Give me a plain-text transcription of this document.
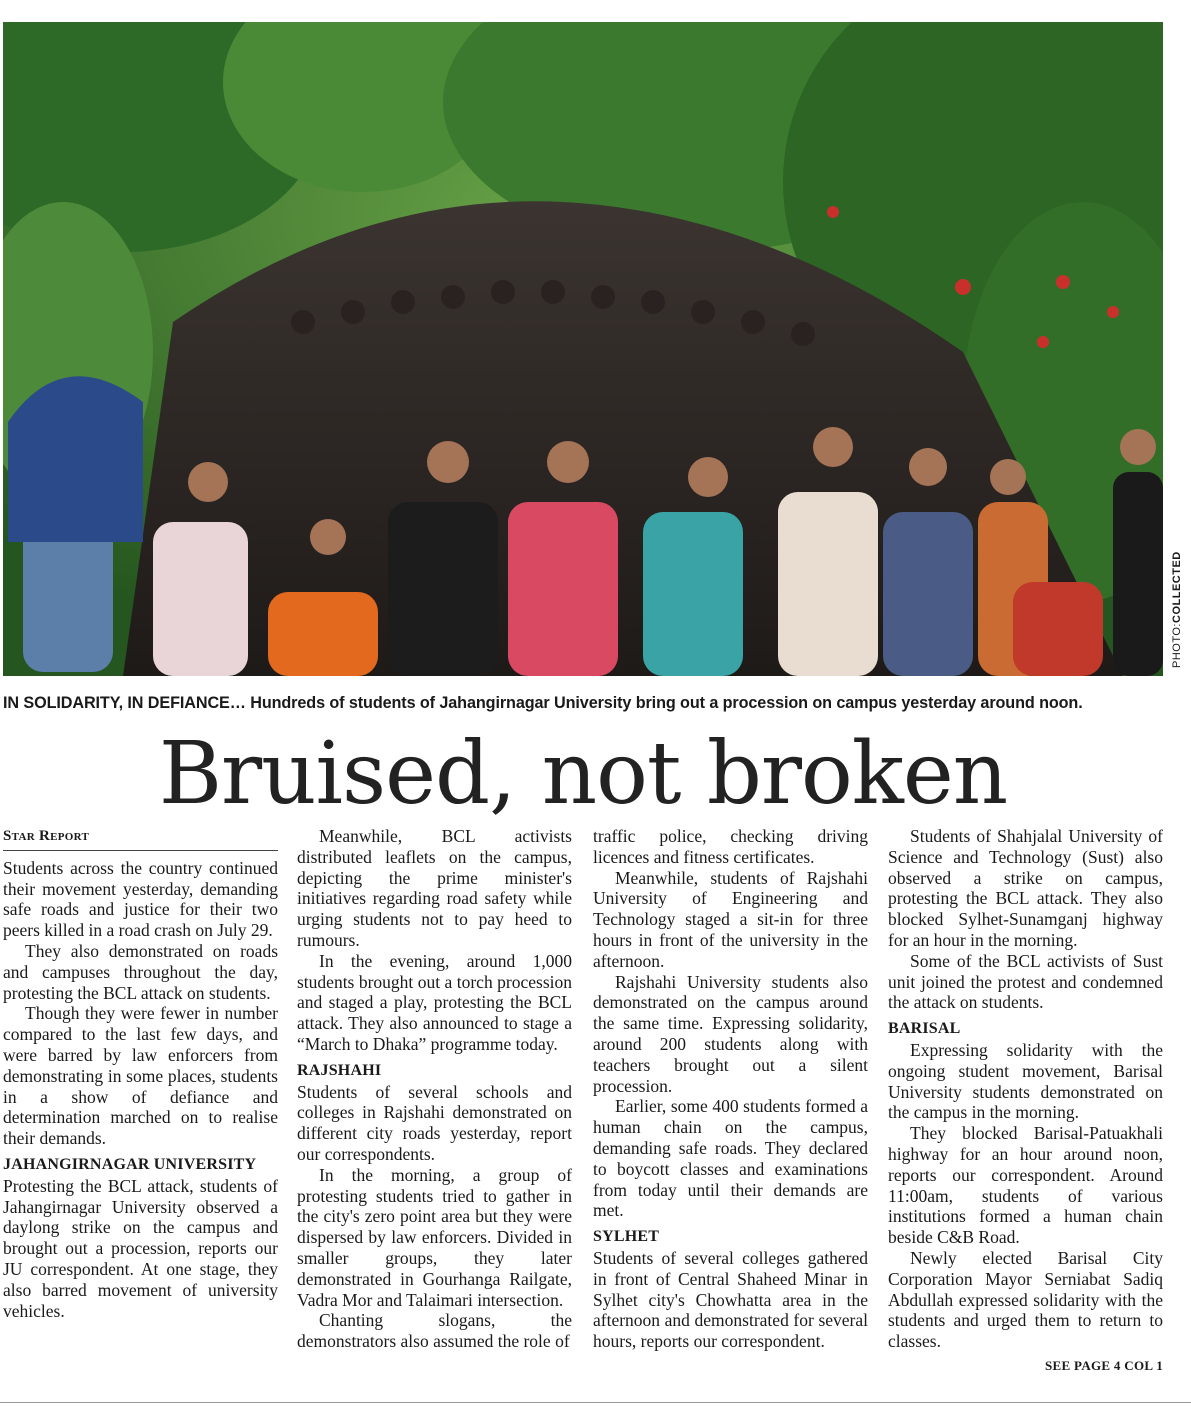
PHOTO:
COLLECTED
IN SOLIDARITY, IN DEFIANCE… Hundreds of students of Jahangirnagar University bring out a procession on campus yesterday around noon.
Bruised, not broken
Star Report

Students across the country continued their movement yesterday, demanding safe roads and justice for their two peers killed in a road crash on July 29.

They also demonstrated on roads and campuses throughout the day, protesting the BCL attack on students.

Though they were fewer in number compared to the last few days, and were barred by law enforcers from demonstrating in some places, students in a show of defiance and determination marched on to realise their demands.

JAHANGIRNAGAR UNIVERSITY

Protesting the BCL attack, students of Jahangirnagar University observed a daylong strike on the campus and brought out a procession, reports our JU correspondent. At one stage, they also barred movement of university vehicles.

Meanwhile, BCL activists distributed leaflets on the campus, depicting the prime minister's initiatives regarding road safety while urging students not to pay heed to rumours.

In the evening, around 1,000 students brought out a torch procession and staged a play, protesting the BCL attack. They also announced to stage a “March to Dhaka” programme today.

RAJSHAHI

Students of several schools and colleges in Rajshahi demonstrated on different city roads yesterday, report our correspondents.

In the morning, a group of protesting students tried to gather in the city's zero point area but they were dispersed by law enforcers. Divided in smaller groups, they later demonstrated in Gourhanga Railgate, Vadra Mor and Talaimari intersection.

Chanting slogans, the demonstrators also assumed the role of

traffic police, checking driving licences and fitness certificates.

Meanwhile, students of Rajshahi University of Engineering and Technology staged a sit-in for three hours in front of the university in the afternoon.

Rajshahi University students also demonstrated on the campus around the same time. Expressing solidarity, around 200 students along with teachers brought out a silent procession.

Earlier, some 400 students formed a human chain on the campus, demanding safe roads. They declared to boycott classes and examinations from today until their demands are met.

SYLHET

Students of several colleges gathered in front of Central Shaheed Minar in Sylhet city's Chowhatta area in the afternoon and demonstrated for several hours, reports our correspondent.

Students of Shahjalal University of Science and Technology (Sust) also observed a strike on campus, protesting the BCL attack. They also blocked Sylhet-Sunamganj highway for an hour in the morning.

Some of the BCL activists of Sust unit joined the protest and condemned the attack on students.

BARISAL

Expressing solidarity with the ongoing student movement, Barisal University students demonstrated on the campus in the morning.

They blocked Barisal-Patuakhali highway for an hour around noon, reports our correspondent. Around 11:00am, students of various institutions formed a human chain beside C&B Road.

Newly elected Barisal City Corporation Mayor Serniabat Sadiq Abdullah expressed solidarity with the students and urged them to return to classes.

SEE PAGE 4 COL 1
